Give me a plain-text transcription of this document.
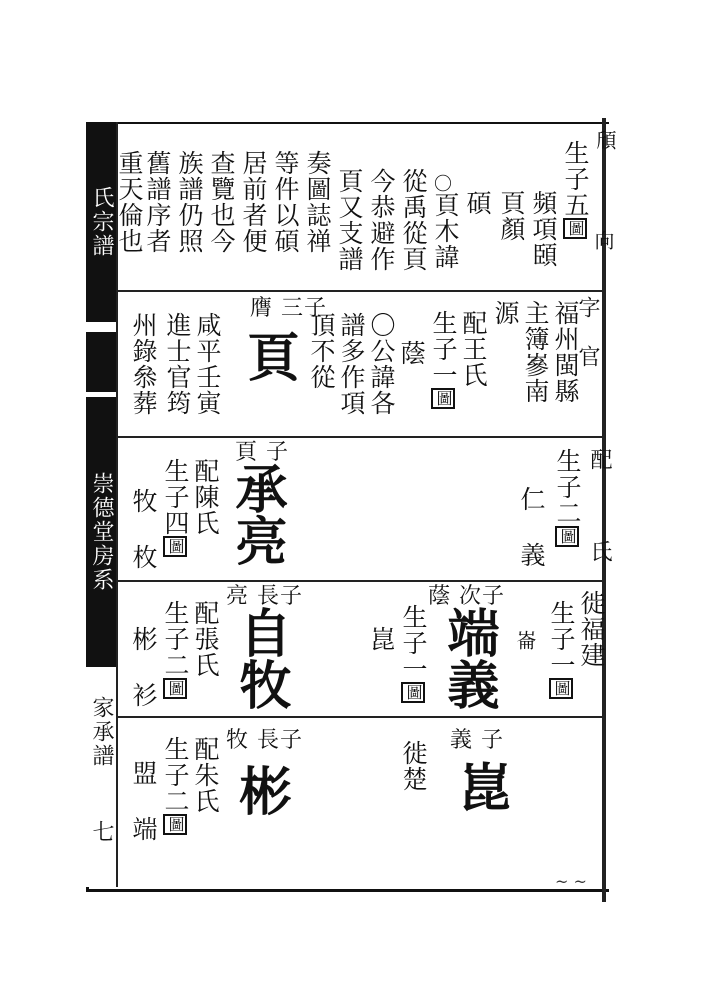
氏宗譜
崇德堂房系
家承譜
七
生子五圖
頎
向
頻項頣
頁顏
碩
〇
頁木諱
從禹從頁
今恭避作
頁又支譜
奏圖誌禅
等件以碩
居前者便
查覽也今
族譜仍照
舊譜序者
重天倫也
字 官
福州閩縣
主簿嵾南
源
配王氏
生子一圖
蔭
〇公諱各
譜多作項
頂不從
膺 三子
頁
咸平壬寅
進士官筠
州錄叅葬
配
氏
生子二圖
仁 義
頁 子
承亮
配陳氏
生子四圖
牧 枚
徙福建
生子一圖
崙
蔭 次子
端義
生子一圖
崑
亮 長子
自牧
配張氏
生子二圖
彬 衫
義 子
徙楚 崑
牧 長子
彬
配朱氏
生子二圖
盟 端
~ ~
